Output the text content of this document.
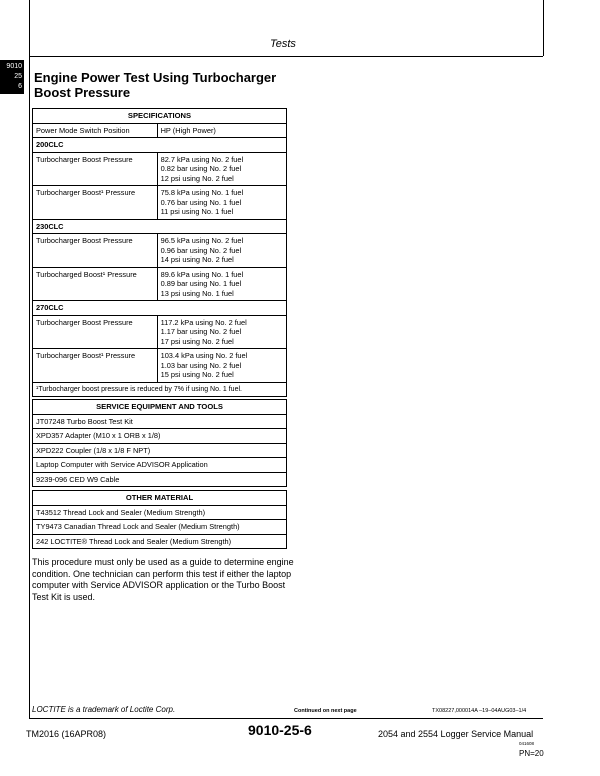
Tests
9010
25
6
Engine Power Test Using Turbocharger Boost Pressure
SPECIFICATIONS	
Power Mode Switch Position	HP (High Power)
200CLC	
Turbocharger Boost Pressure	82.7 kPa using No. 2 fuel
0.82 bar using No. 2 fuel
12 psi using No. 2 fuel

Turbocharger Boost¹ Pressure	75.8 kPa using No. 1 fuel
0.76 bar using No. 1 fuel
11 psi using No. 1 fuel

230CLC	
Turbocharger Boost Pressure	96.5 kPa using No. 2 fuel
0.96 bar using No. 2 fuel
14 psi using No. 2 fuel

Turbocharged Boost¹ Pressure	89.6 kPa using No. 1 fuel
0.89 bar using No. 1 fuel
13 psi using No. 1 fuel

270CLC	
Turbocharger Boost Pressure	117.2 kPa using No. 2 fuel
1.17 bar using No. 2 fuel
17 psi using No. 2 fuel

Turbocharger Boost¹ Pressure	103.4 kPa using No. 2 fuel
1.03 bar using No. 2 fuel
15 psi using No. 2 fuel

¹Turbocharger boost pressure is reduced by 7% if using No. 1 fuel.	
SERVICE EQUIPMENT AND TOOLS
JT07248 Turbo Boost Test Kit
XPD357 Adapter (M10 x 1 ORB x 1/8)
XPD222 Coupler (1/8 x 1/8 F NPT)
Laptop Computer with Service ADVISOR Application
9239-096 CED W9 Cable
OTHER MATERIAL
T43512 Thread Lock and Sealer (Medium Strength)
TY9473 Canadian Thread Lock and Sealer (Medium Strength)
242 LOCTITE® Thread Lock and Sealer (Medium Strength)
This procedure must only be used as a guide to determine engine condition. One technician can perform this test if either the laptop computer with Service ADVISOR application or the Turbo Boost Test Kit is used.
LOCTITE is a trademark of Loctite Corp.	Continued on next page	TX08227,000014A –19–04AUG03–1/4
TM2016 (16APR08)	9010-25-6	2054 and 2554 Logger Service Manual
041608
PN=20
